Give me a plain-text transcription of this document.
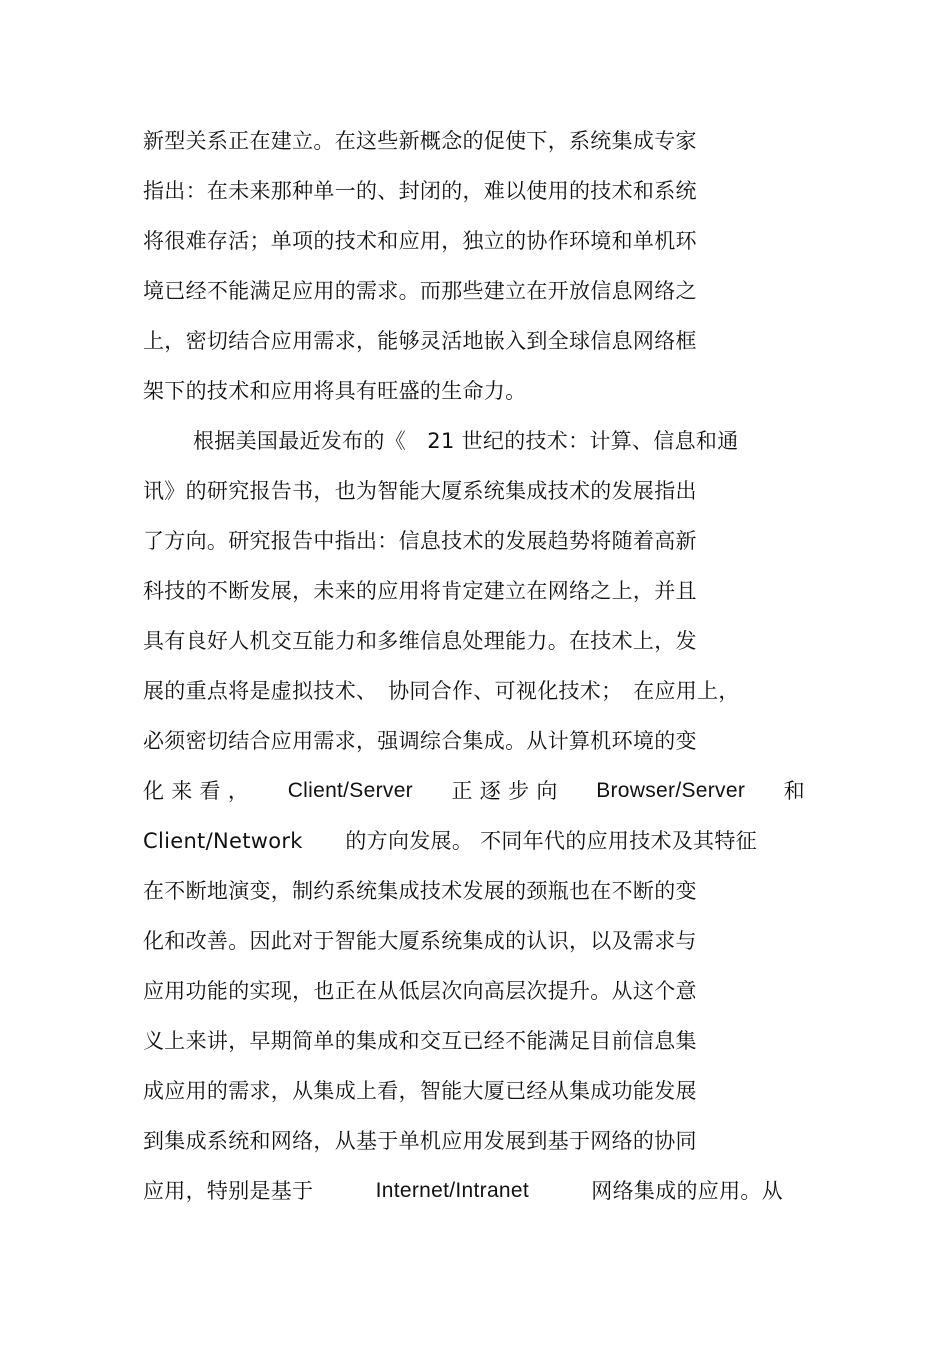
新型关系正在建立。在这些新概念的促使下，系统集成专家
指出：在未来那种单一的、封闭的，难以使用的技术和系统
将很难存活；单项的技术和应用，独立的协作环境和单机环
境已经不能满足应用的需求。而那些建立在开放信息网络之
上，密切结合应用需求，能够灵活地嵌入到全球信息网络框
架下的技术和应用将具有旺盛的生命力。
根据美国最近发布的《　21 世纪的技术：计算、信息和通
讯》的研究报告书，也为智能大厦系统集成技术的发展指出
了方向。研究报告中指出：信息技术的发展趋势将随着高新
科技的不断发展，未来的应用将肯定建立在网络之上，并且
具有良好人机交互能力和多维信息处理能力。在技术上，发
展的重点将是虚拟技术、　协同合作、可视化技术；　在应用上，
必须密切结合应用需求，强调综合集成。从计算机环境的变
化 来 看 ， Client/Server 正 逐 步 向 Browser/Server 和
Client/Network　　的方向发展。 不同年代的应用技术及其特征
在不断地演变，制约系统集成技术发展的颈瓶也在不断的变
化和改善。因此对于智能大厦系统集成的认识，以及需求与
应用功能的实现，也正在从低层次向高层次提升。从这个意
义上来讲，早期简单的集成和交互已经不能满足目前信息集
成应用的需求，从集成上看，智能大厦已经从集成功能发展
到集成系统和网络，从基于单机应用发展到基于网络的协同
应用，特别是基于	Internet/Intranet	网络集成的应用。从
